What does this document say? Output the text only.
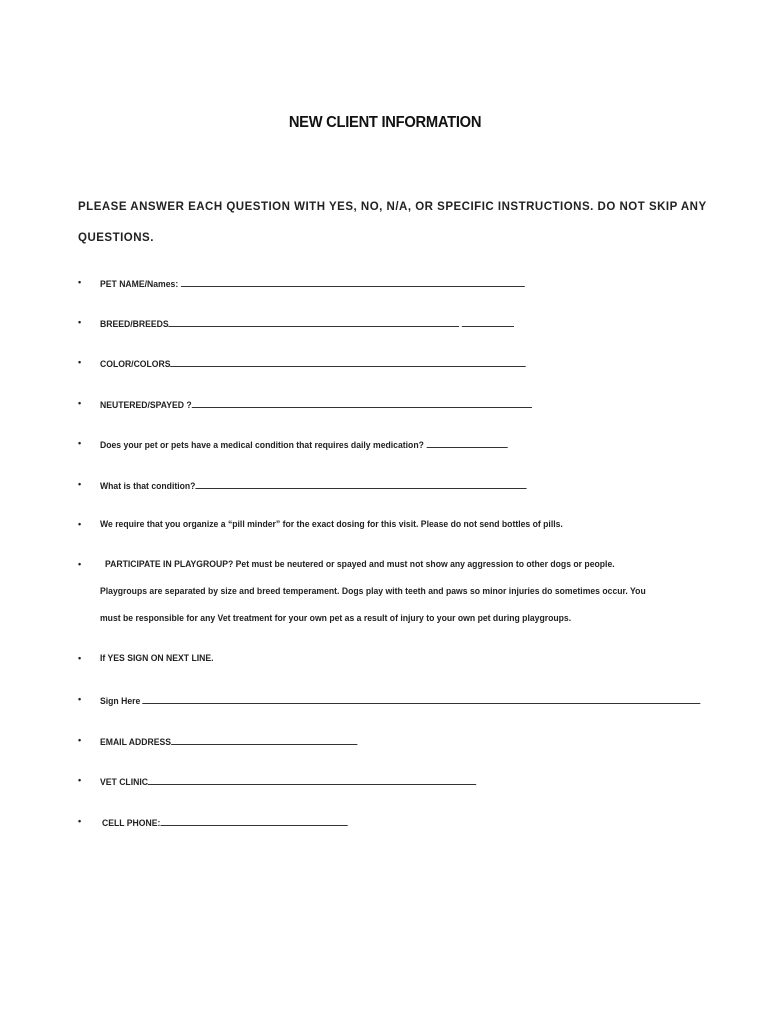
NEW CLIENT INFORMATION
PLEASE ANSWER EACH QUESTION WITH YES, NO, N/A, OR SPECIFIC INSTRUCTIONS. DO NOT SKIP ANY
QUESTIONS.
• PET NAME/Names:
• BREED/BREEDS
• COLOR/COLORS
• NEUTERED/SPAYED ?
• Does your pet or pets have a medical condition that requires daily medication?
• What is that condition?
• We require that you organize a “pill minder” for the exact dosing for this visit. Please do not send bottles of pills.
• PARTICIPATE IN PLAYGROUP? Pet must be neutered or spayed and must not show any aggression to other dogs or people.
Playgroups are separated by size and breed temperament. Dogs play with teeth and paws so minor injuries do sometimes occur. You
must be responsible for any Vet treatment for your own pet as a result of injury to your own pet during playgroups.
• If YES SIGN ON NEXT LINE.
• Sign Here
• EMAIL ADDRESS
• VET CLINIC
• CELL PHONE:
